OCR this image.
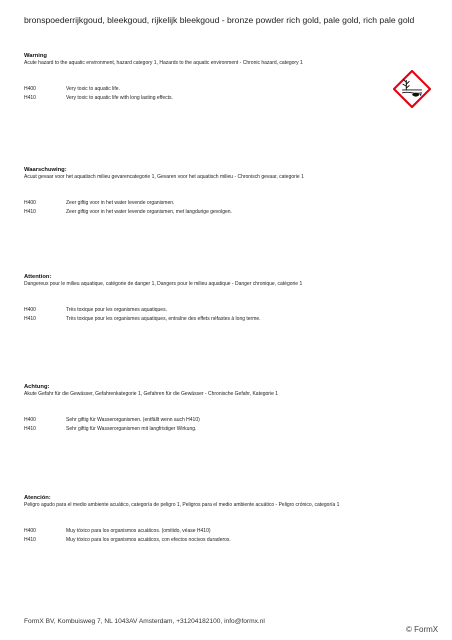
bronspoederrijkgoud, bleekgoud, rijkelijk bleekgoud - bronze powder rich gold, pale gold, rich pale gold
Warning
Acute hazard to the aquatic environment, hazard category 1, Hazards to the aquatic environment - Chronic hazard, category 1
H400	Very toxic to aquatic life.
H410	Very toxic to aquatic life with long lasting effects.
Waarschuwing:
Acuut gevaar voor het aquatisch milieu gevarencategorie 1, Gevaren voor het aquatisch milieu - Chronisch gevaar, categorie 1
H400	Zeer giftig voor in het water levende organismen.
H410	Zeer giftig voor in het water levende organismen, met langdurige gevolgen.
Attention:
Dangereux pour le milieu aquatique, catégorie de danger 1, Dangers pour le milieu aquatique - Danger chronique, catégorie 1
H400	Très toxique pour les organismes aquatiques.
H410	Très toxique pour les organismes aquatiques, entraîne des effets néfastes à long terme.
Achtung:
Akute Gefahr für die Gewässer, Gefahrenkategorie 1, Gefahren für die Gewässer - Chronische Gefahr, Kategorie 1
H400	Sehr giftig für Wasserorganismen. (entfällt wenn auch H410)
H410	Sehr giftig für Wasserorganismen mit langfristiger Wirkung.
Atención:
Peligro agudo para el medio ambiente acuático, categoría de peligro 1, Peligros para el medio ambiente acuático - Peligro crónico, categoría 1
H400	Muy tóxico para los organismos acuáticos. (omitido, véase H410)
H410	Muy tóxico para los organismos acuáticos, con efectos nocivos duraderos.
FormX BV, Kombuisweg 7, NL 1043AV Amsterdam, +31204182100, info@formx.nl
© FormX
